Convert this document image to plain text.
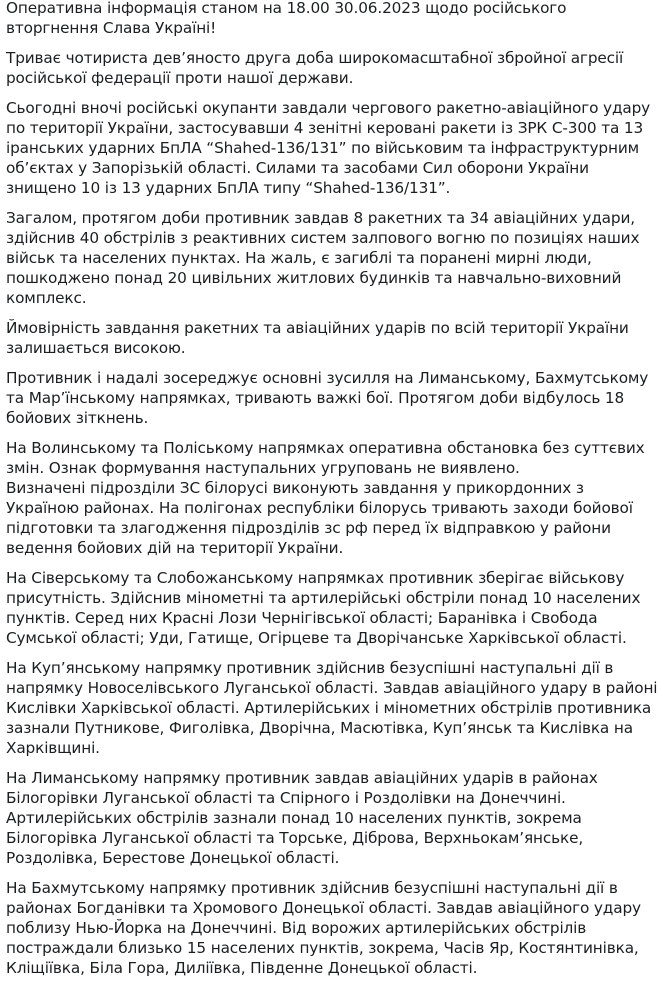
Оперативна інформація станом на 18.00 30.06.2023 щодо російського вторгнення Слава Україні!

Триває чотириста дев’яносто друга доба широкомасштабної збройної агресії російської федерації проти нашої держави.

Сьогодні вночі російські окупанти завдали чергового ракетно-авіаційного удару по території України, застосувавши 4 зенітні керовані ракети із ЗРК С-300 та 13 іранських ударних БпЛА “Shahed-136/131” по військовим та інфраструктурним об’єктах у Запорізькій області. Силами та засобами Сил оборони України знищено 10 із 13 ударних БпЛА типу “Shahed-136/131”.

Загалом, протягом доби противник завдав 8 ракетних та 34 авіаційних удари, здійснив 40 обстрілів з реактивних систем залпового вогню по позиціях наших військ та населених пунктах. На жаль, є загиблі та поранені мирні люди, пошкоджено понад 20 цивільних житлових будинків та навчально-виховний комплекс.

Ймовірність завдання ракетних та авіаційних ударів по всій території України залишається високою.

Противник і надалі зосереджує основні зусилля на Лиманському, Бахмутському та Мар’їнському напрямках, тривають важкі бої. Протягом доби відбулось 18 бойових зіткнень.

На Волинському та Поліському напрямках оперативна обстановка без суттєвих змін. Ознак формування наступальних угруповань не виявлено.

Визначені підрозділи ЗС білорусі виконують завдання у прикордонних з Україною районах. На полігонах республіки білорусь тривають заходи бойової підготовки та злагодження підрозділів зс рф перед їх відправкою у райони ведення бойових дій на території України.

На Сіверському та Слобожанському напрямках противник зберігає військову присутність. Здійснив мінометні та артилерійські обстріли понад 10 населених пунктів. Серед них Красні Лози Чернігівської області; Баранівка і Свобода Сумської області; Уди, Гатище, Огірцеве та Дворічанське Харківської області.

На Куп’янському напрямку противник здійснив безуспішні наступальні дії в напрямку Новоселівського Луганської області. Завдав авіаційного удару в районі Кислівки Харківської області. Артилерійських і мінометних обстрілів противника зазнали Путникове, Фиголівка, Дворічна, Масютівка, Куп’янськ та Кислівка на Харківщині.

На Лиманському напрямку противник завдав авіаційних ударів в районах Білогорівки Луганської області та Спірного і Роздолівки на Донеччині. Артилерійських обстрілів зазнали понад 10 населених пунктів, зокрема Білогорівка Луганської області та Торське, Діброва, Верхньокам’янське, Роздолівка, Берестове Донецької області.

На Бахмутському напрямку противник здійснив безуспішні наступальні дії в районах Богданівки та Хромового Донецької області. Завдав авіаційного удару поблизу Нью-Йорка на Донеччині. Від ворожих артилерійських обстрілів постраждали близько 15 населених пунктів, зокрема, Часів Яр, Костянтинівка, Кліщіївка, Біла Гора, Диліївка, Південне Донецької області.
